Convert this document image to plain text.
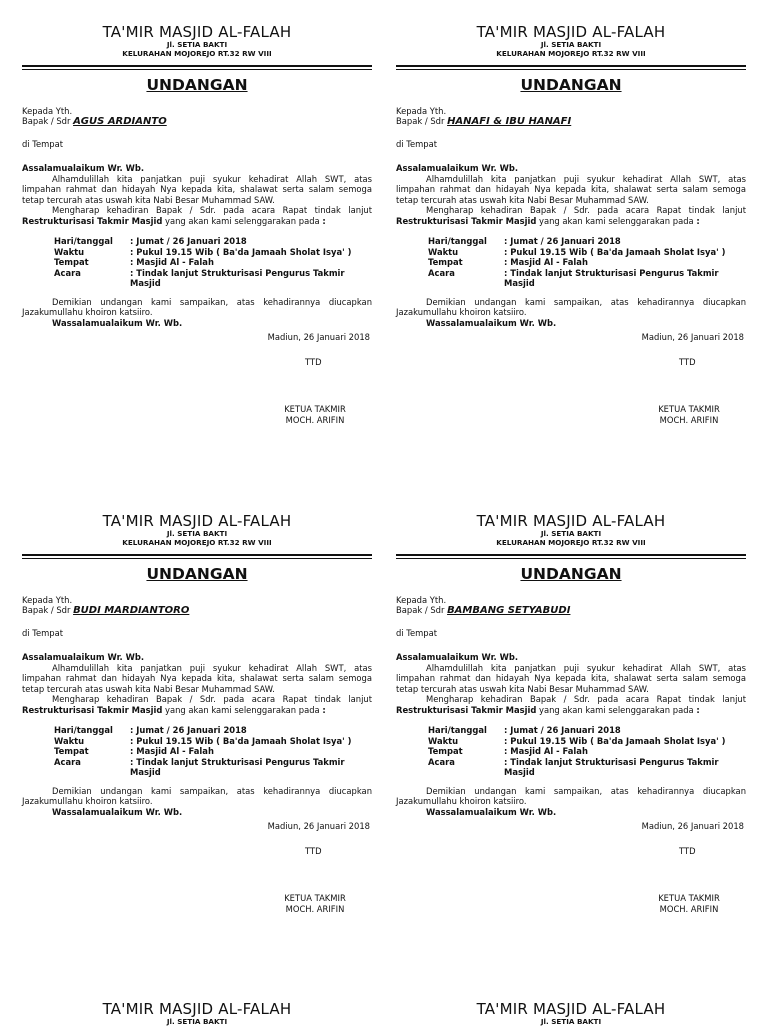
TA'MIR MASJID AL-FALAH
Jl. SETIA BAKTI
KELURAHAN MOJOREJO RT.32 RW VIII
UNDANGAN
Kepada Yth.
Bapak / Sdr AGUS ARDIANTO
di Tempat
Assalamualaikum Wr. Wb.

Alhamdulillah kita panjatkan puji syukur kehadirat Allah SWT, atas limpahan rahmat dan hidayah Nya kepada kita, shalawat serta salam semoga tetap tercurah atas uswah kita Nabi Besar Muhammad SAW.

Mengharap kehadiran Bapak / Sdr. pada acara Rapat tindak lanjut Restrukturisasi Takmir Masjid yang akan kami selenggarakan pada :

Hari/tanggal	: Jumat / 26 Januari 2018
Waktu	: Pukul 19.15 Wib ( Ba'da Jamaah Sholat Isya' )
Tempat	: Masjid Al - Falah
Acara	: Tindak lanjut Strukturisasi Pengurus Takmir Masjid

Demikian undangan kami sampaikan, atas kehadirannya diucapkan Jazakumullahu khoiron katsiiro.

Wassalamualaikum Wr. Wb.
Madiun, 26 Januari 2018
TTD
KETUA TAKMIR
MOCH. ARIFIN
TA'MIR MASJID AL-FALAH
Jl. SETIA BAKTI
KELURAHAN MOJOREJO RT.32 RW VIII
UNDANGAN
Kepada Yth.
Bapak / Sdr HANAFI & IBU HANAFI
di Tempat
Assalamualaikum Wr. Wb.

Alhamdulillah kita panjatkan puji syukur kehadirat Allah SWT, atas limpahan rahmat dan hidayah Nya kepada kita, shalawat serta salam semoga tetap tercurah atas uswah kita Nabi Besar Muhammad SAW.

Mengharap kehadiran Bapak / Sdr. pada acara Rapat tindak lanjut Restrukturisasi Takmir Masjid yang akan kami selenggarakan pada :

Hari/tanggal	: Jumat / 26 Januari 2018
Waktu	: Pukul 19.15 Wib ( Ba'da Jamaah Sholat Isya' )
Tempat	: Masjid Al - Falah
Acara	: Tindak lanjut Strukturisasi Pengurus Takmir Masjid

Demikian undangan kami sampaikan, atas kehadirannya diucapkan Jazakumullahu khoiron katsiiro.

Wassalamualaikum Wr. Wb.
Madiun, 26 Januari 2018
TTD
KETUA TAKMIR
MOCH. ARIFIN
TA'MIR MASJID AL-FALAH
Jl. SETIA BAKTI
KELURAHAN MOJOREJO RT.32 RW VIII
UNDANGAN
Kepada Yth.
Bapak / Sdr BUDI MARDIANTORO
di Tempat
Assalamualaikum Wr. Wb.

Alhamdulillah kita panjatkan puji syukur kehadirat Allah SWT, atas limpahan rahmat dan hidayah Nya kepada kita, shalawat serta salam semoga tetap tercurah atas uswah kita Nabi Besar Muhammad SAW.

Mengharap kehadiran Bapak / Sdr. pada acara Rapat tindak lanjut Restrukturisasi Takmir Masjid yang akan kami selenggarakan pada :

Hari/tanggal	: Jumat / 26 Januari 2018
Waktu	: Pukul 19.15 Wib ( Ba'da Jamaah Sholat Isya' )
Tempat	: Masjid Al - Falah
Acara	: Tindak lanjut Strukturisasi Pengurus Takmir Masjid

Demikian undangan kami sampaikan, atas kehadirannya diucapkan Jazakumullahu khoiron katsiiro.

Wassalamualaikum Wr. Wb.
Madiun, 26 Januari 2018
TTD
KETUA TAKMIR
MOCH. ARIFIN
TA'MIR MASJID AL-FALAH
Jl. SETIA BAKTI
KELURAHAN MOJOREJO RT.32 RW VIII
UNDANGAN
Kepada Yth.
Bapak / Sdr BAMBANG SETYABUDI
di Tempat
Assalamualaikum Wr. Wb.

Alhamdulillah kita panjatkan puji syukur kehadirat Allah SWT, atas limpahan rahmat dan hidayah Nya kepada kita, shalawat serta salam semoga tetap tercurah atas uswah kita Nabi Besar Muhammad SAW.

Mengharap kehadiran Bapak / Sdr. pada acara Rapat tindak lanjut Restrukturisasi Takmir Masjid yang akan kami selenggarakan pada :

Hari/tanggal	: Jumat / 26 Januari 2018
Waktu	: Pukul 19.15 Wib ( Ba'da Jamaah Sholat Isya' )
Tempat	: Masjid Al - Falah
Acara	: Tindak lanjut Strukturisasi Pengurus Takmir Masjid

Demikian undangan kami sampaikan, atas kehadirannya diucapkan Jazakumullahu khoiron katsiiro.

Wassalamualaikum Wr. Wb.
Madiun, 26 Januari 2018
TTD
KETUA TAKMIR
MOCH. ARIFIN
TA'MIR MASJID AL-FALAH
Jl. SETIA BAKTI
TA'MIR MASJID AL-FALAH
Jl. SETIA BAKTI
